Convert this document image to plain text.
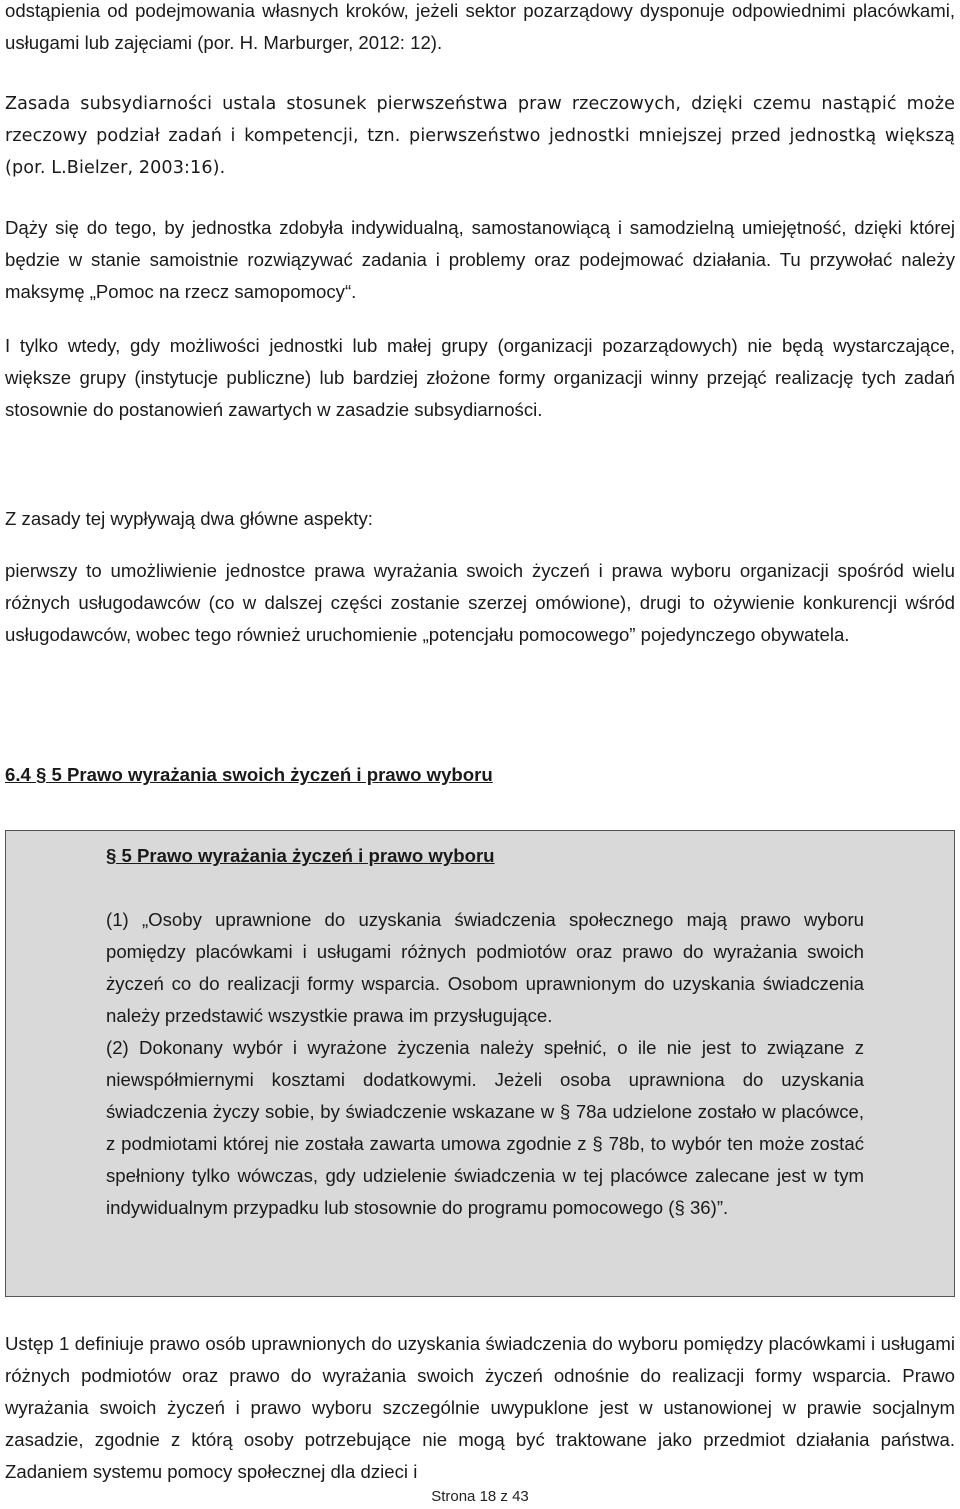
odstąpienia od podejmowania własnych kroków, jeżeli sektor pozarządowy dysponuje odpowiednimi placówkami, usługami lub zajęciami (por. H. Marburger, 2012: 12).

Zasada subsydiarności ustala stosunek pierwszeństwa praw rzeczowych, dzięki czemu nastąpić może rzeczowy podział zadań i kompetencji, tzn. pierwszeństwo jednostki mniejszej przed jednostką większą (por. L.Bielzer, 2003:16).

Dąży się do tego, by jednostka zdobyła indywidualną, samostanowiącą i samodzielną umiejętność, dzięki której będzie w stanie samoistnie rozwiązywać zadania i problemy oraz podejmować działania. Tu przywołać należy maksymę „Pomoc na rzecz samopomocy“.

I tylko wtedy, gdy możliwości jednostki lub małej grupy (organizacji pozarządowych) nie będą wystarczające, większe grupy (instytucje publiczne) lub bardziej złożone formy organizacji winny przejąć realizację tych zadań stosownie do postanowień zawartych w zasadzie subsydiarności.

Z zasady tej wypływają dwa główne aspekty:

pierwszy to umożliwienie jednostce prawa wyrażania swoich życzeń i prawa wyboru organizacji spośród wielu różnych usługodawców (co w dalszej części zostanie szerzej omówione), drugi to ożywienie konkurencji wśród usługodawców, wobec tego również uruchomienie „potencjału pomocowego” pojedynczego obywatela.

6.4 § 5 Prawo wyrażania swoich życzeń i prawo wyboru

§ 5 Prawo wyrażania życzeń i prawo wyboru

(1) „Osoby uprawnione do uzyskania świadczenia społecznego mają prawo wyboru pomiędzy placówkami i usługami różnych podmiotów oraz prawo do wyrażania swoich życzeń co do realizacji formy wsparcia. Osobom uprawnionym do uzyskania świadczenia należy przedstawić wszystkie prawa im przysługujące.

(2) Dokonany wybór i wyrażone życzenia należy spełnić, o ile nie jest to związane z niewspółmiernymi kosztami dodatkowymi. Jeżeli osoba uprawniona do uzyskania świadczenia życzy sobie, by świadczenie wskazane w § 78a udzielone zostało w placówce, z podmiotami której nie została zawarta umowa zgodnie z § 78b, to wybór ten może zostać spełniony tylko wówczas, gdy udzielenie świadczenia w tej placówce zalecane jest w tym indywidualnym przypadku lub stosownie do programu pomocowego (§ 36)”.

Ustęp 1 definiuje prawo osób uprawnionych do uzyskania świadczenia do wyboru pomiędzy placówkami i usługami różnych podmiotów oraz prawo do wyrażania swoich życzeń odnośnie do realizacji formy wsparcia. Prawo wyrażania swoich życzeń i prawo wyboru szczególnie uwypuklone jest w ustanowionej w prawie socjalnym zasadzie, zgodnie z którą osoby potrzebujące nie mogą być traktowane jako przedmiot działania państwa. Zadaniem systemu pomocy społecznej dla dzieci i

Strona 18 z 43
